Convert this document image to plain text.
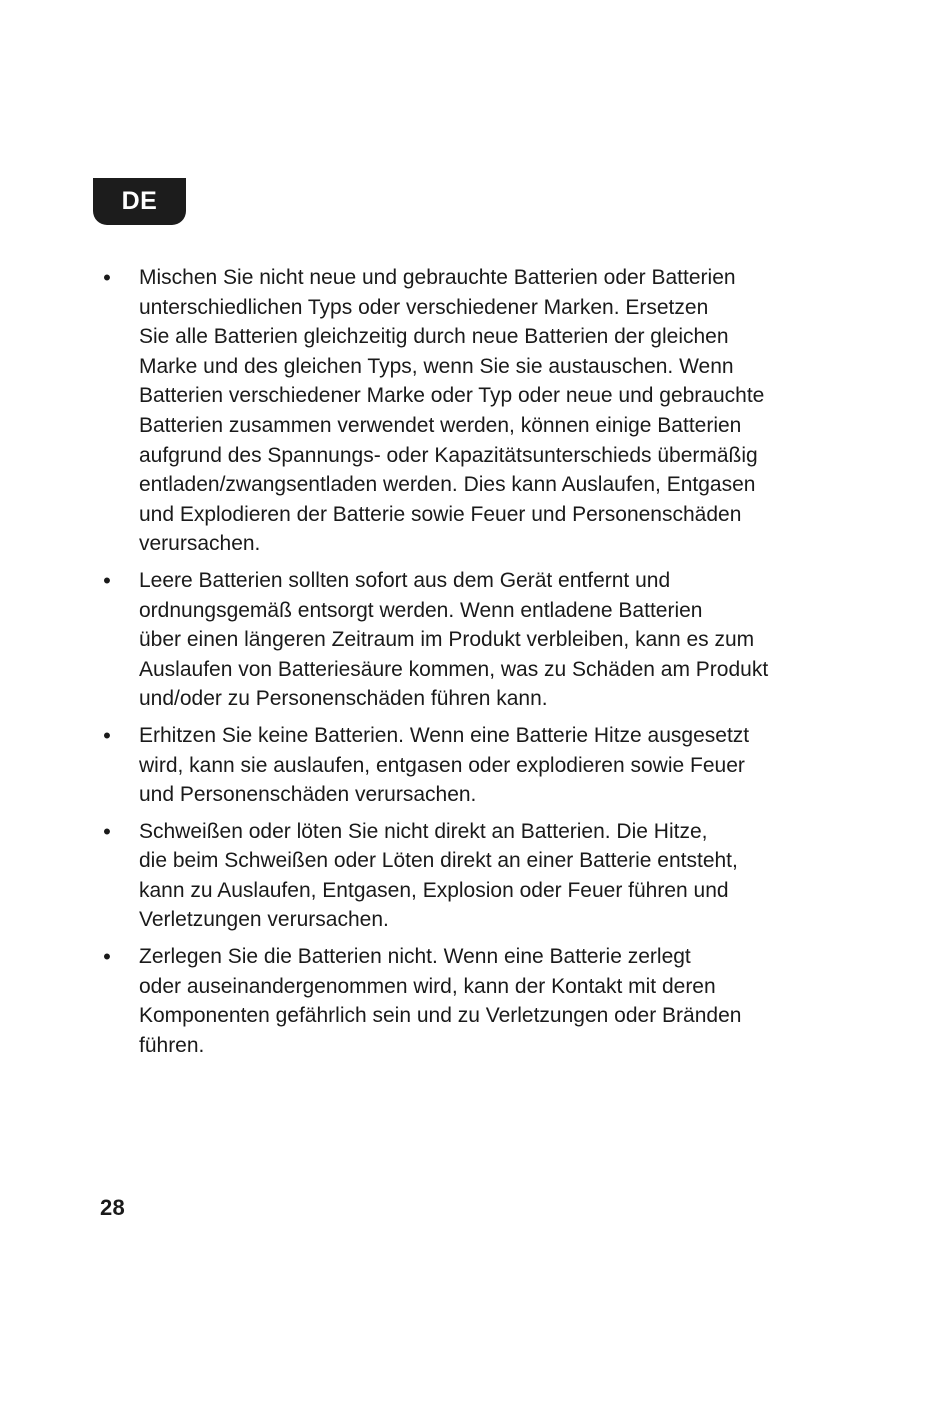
DE
• Mischen Sie nicht neue und gebrauchte Batterien oder Batterien
unterschiedlichen Typs oder verschiedener Marken. Ersetzen
Sie alle Batterien gleichzeitig durch neue Batterien der gleichen
Marke und des gleichen Typs, wenn Sie sie austauschen. Wenn
Batterien verschiedener Marke oder Typ oder neue und gebrauchte
Batterien zusammen verwendet werden, können einige Batterien
aufgrund des Spannungs- oder Kapazitätsunterschieds übermäßig
entladen/zwangsentladen werden. Dies kann Auslaufen, Entgasen
und Explodieren der Batterie sowie Feuer und Personenschäden
verursachen.
• Leere Batterien sollten sofort aus dem Gerät entfernt und
ordnungsgemäß entsorgt werden. Wenn entladene Batterien
über einen längeren Zeitraum im Produkt verbleiben, kann es zum
Auslaufen von Batteriesäure kommen, was zu Schäden am Produkt
und/oder zu Personenschäden führen kann.
• Erhitzen Sie keine Batterien. Wenn eine Batterie Hitze ausgesetzt
wird, kann sie auslaufen, entgasen oder explodieren sowie Feuer
und Personenschäden verursachen.
• Schweißen oder löten Sie nicht direkt an Batterien. Die Hitze,
die beim Schweißen oder Löten direkt an einer Batterie entsteht,
kann zu Auslaufen, Entgasen, Explosion oder Feuer führen und
Verletzungen verursachen.
• Zerlegen Sie die Batterien nicht. Wenn eine Batterie zerlegt
oder auseinandergenommen wird, kann der Kontakt mit deren
Komponenten gefährlich sein und zu Verletzungen oder Bränden
führen.
28
